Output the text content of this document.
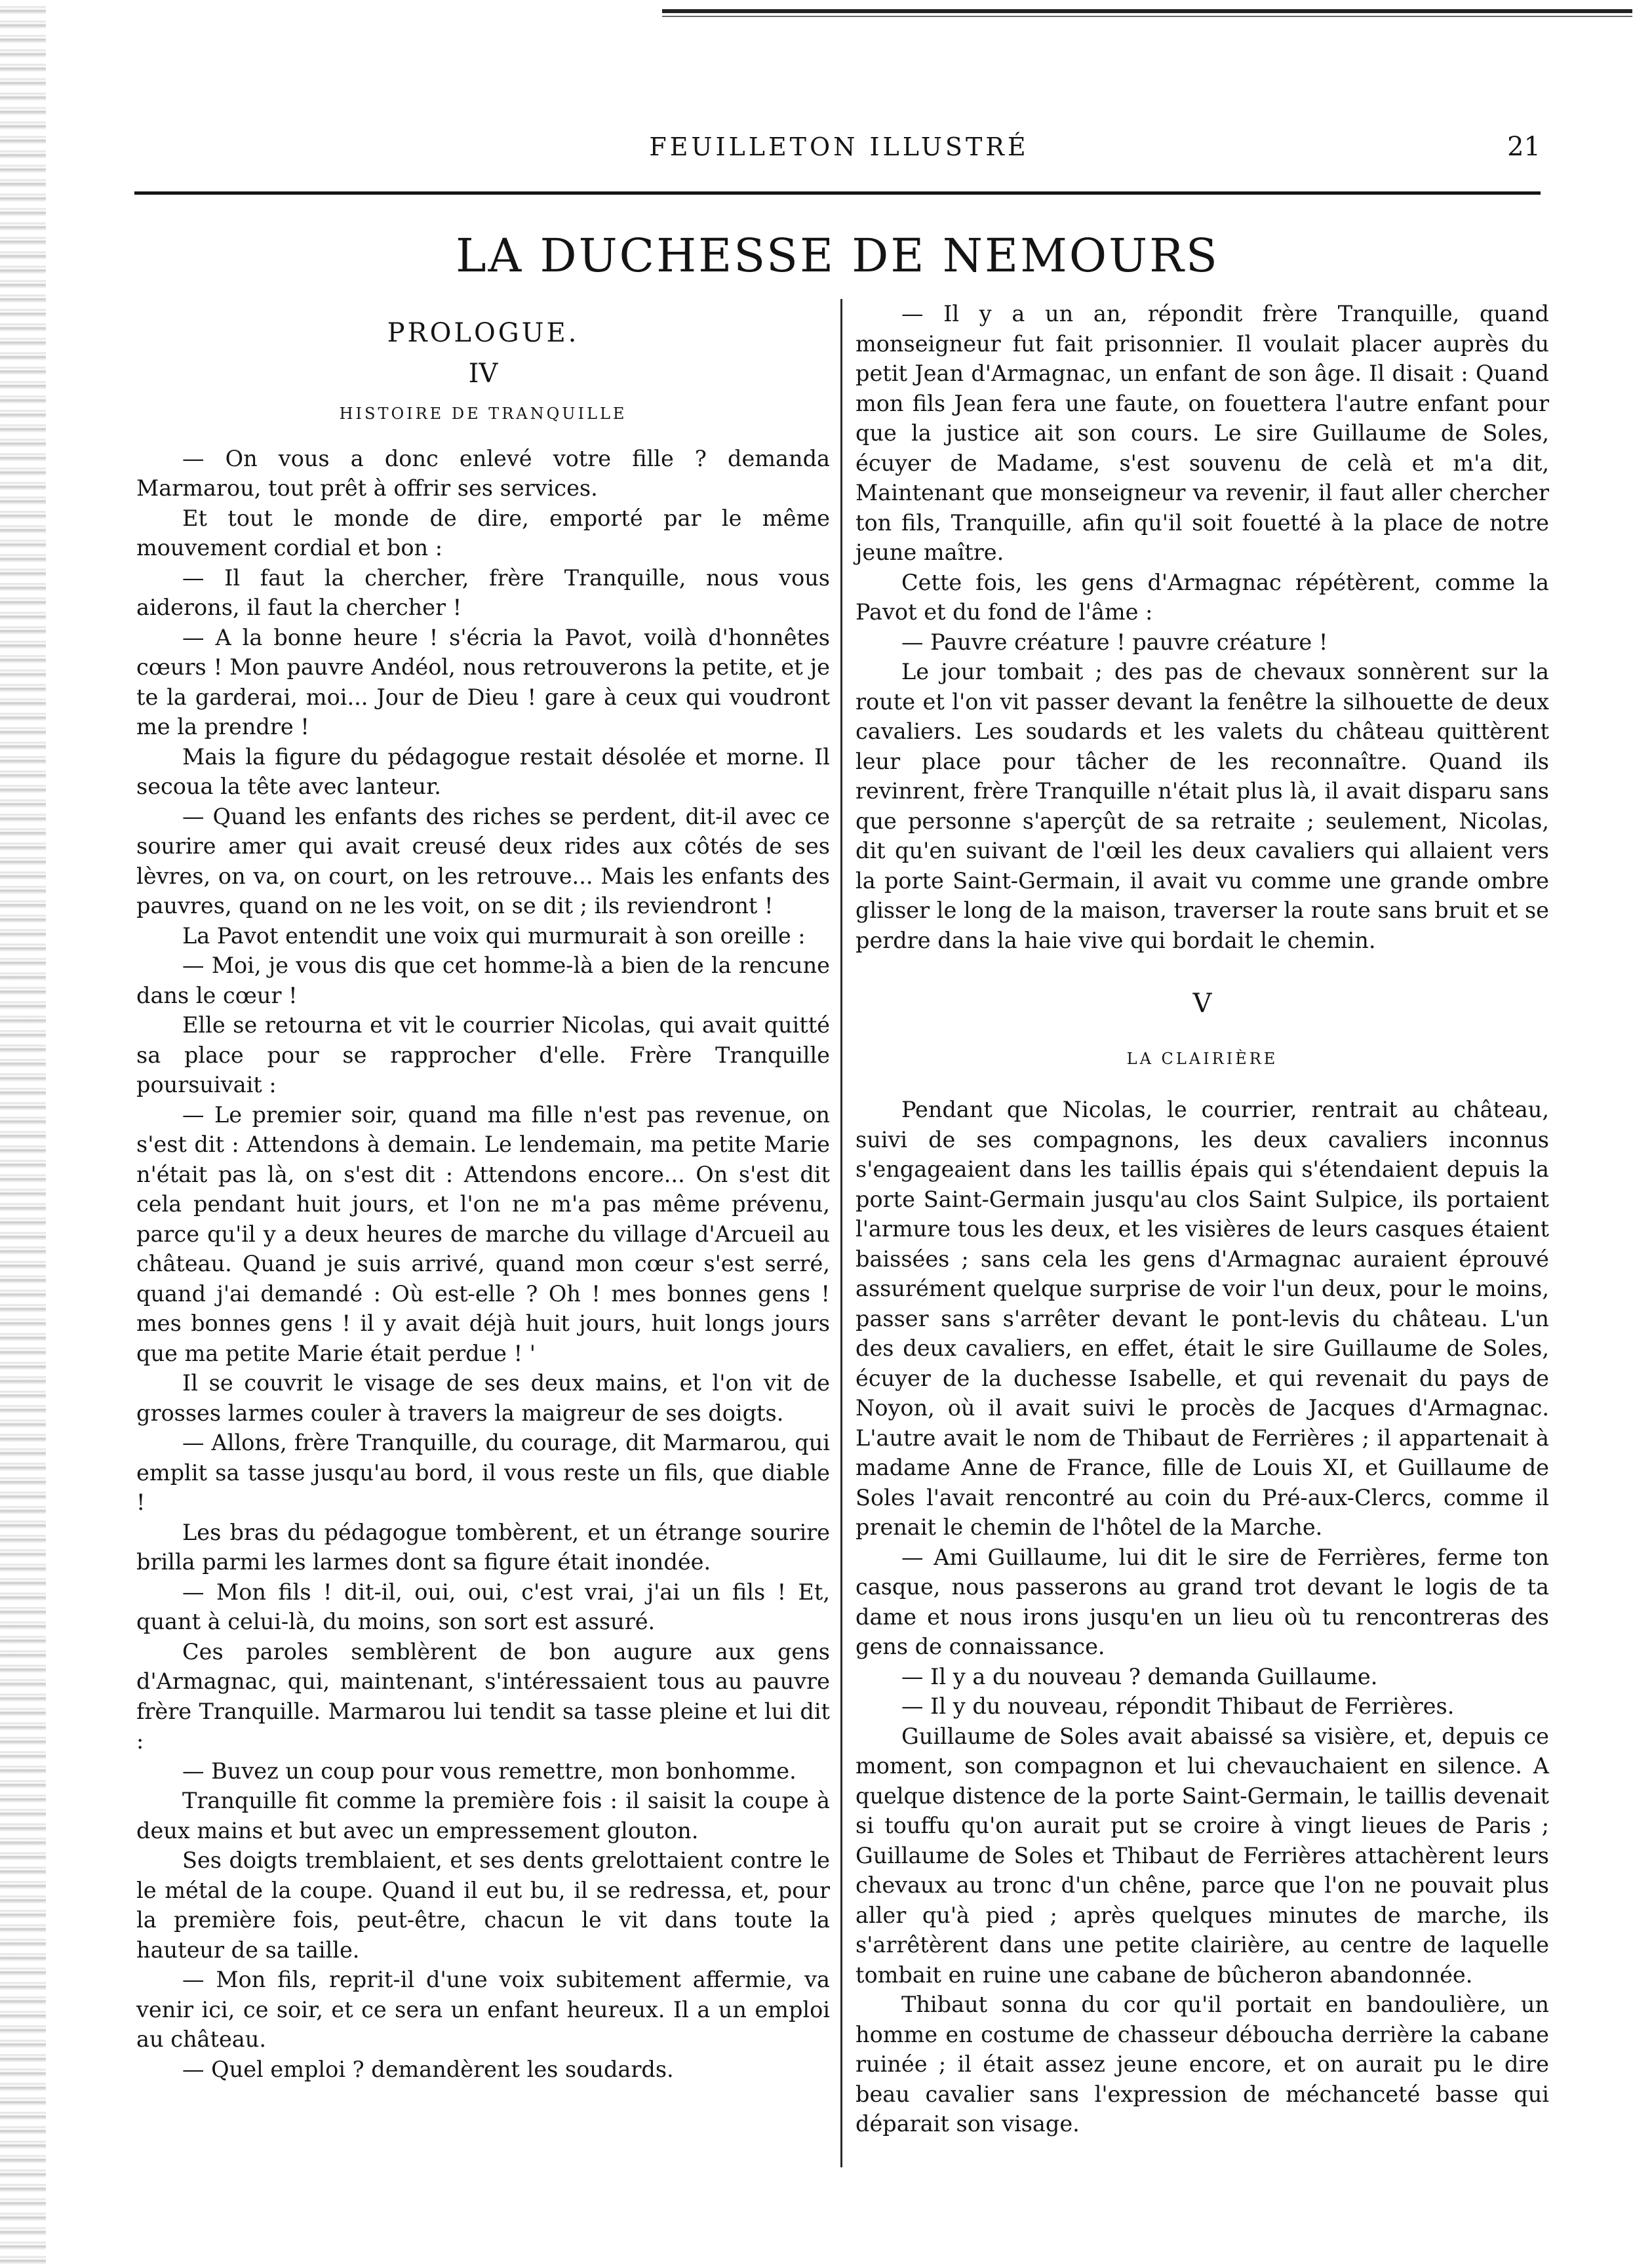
FEUILLETON ILLUSTRÉ	21
LA DUCHESSE DE NEMOURS
PROLOGUE.
IV
HISTOIRE DE TRANQUILLE

— On vous a donc enlevé votre fille ? demanda Marmarou, tout prêt à offrir ses services.

Et tout le monde de dire, emporté par le même mouvement cordial et bon :

— Il faut la chercher, frère Tranquille, nous vous aiderons, il faut la chercher !

— A la bonne heure ! s'écria la Pavot, voilà d'honnêtes cœurs ! Mon pauvre Andéol, nous retrouverons la petite, et je te la garderai, moi... Jour de Dieu ! gare à ceux qui voudront me la prendre !

Mais la figure du pédagogue restait désolée et morne. Il secoua la tête avec lanteur.

— Quand les enfants des riches se perdent, dit-il avec ce sourire amer qui avait creusé deux rides aux côtés de ses lèvres, on va, on court, on les retrouve... Mais les enfants des pauvres, quand on ne les voit, on se dit ; ils reviendront !

La Pavot entendit une voix qui murmurait à son oreille :

— Moi, je vous dis que cet homme-là a bien de la rencune dans le cœur !

Elle se retourna et vit le courrier Nicolas, qui avait quitté sa place pour se rapprocher d'elle. Frère Tranquille poursuivait :

— Le premier soir, quand ma fille n'est pas revenue, on s'est dit : Attendons à demain. Le lendemain, ma petite Marie n'était pas là, on s'est dit : Attendons encore... On s'est dit cela pendant huit jours, et l'on ne m'a pas même prévenu, parce qu'il y a deux heures de marche du village d'Arcueil au château. Quand je suis arrivé, quand mon cœur s'est serré, quand j'ai demandé : Où est-elle ? Oh ! mes bonnes gens ! mes bonnes gens ! il y avait déjà huit jours, huit longs jours que ma petite Marie était perdue ! '

Il se couvrit le visage de ses deux mains, et l'on vit de grosses larmes couler à travers la maigreur de ses doigts.

— Allons, frère Tranquille, du courage, dit Marmarou, qui emplit sa tasse jusqu'au bord, il vous reste un fils, que diable !

Les bras du pédagogue tombèrent, et un étrange sourire brilla parmi les larmes dont sa figure était inondée.

— Mon fils ! dit-il, oui, oui, c'est vrai, j'ai un fils ! Et, quant à celui-là, du moins, son sort est assuré.

Ces paroles semblèrent de bon augure aux gens d'Armagnac, qui, maintenant, s'intéressaient tous au pauvre frère Tranquille. Marmarou lui tendit sa tasse pleine et lui dit :

— Buvez un coup pour vous remettre, mon bonhomme.

Tranquille fit comme la première fois : il saisit la coupe à deux mains et but avec un empressement glouton.

Ses doigts tremblaient, et ses dents grelottaient contre le le métal de la coupe. Quand il eut bu, il se redressa, et, pour la première fois, peut-être, chacun le vit dans toute la hauteur de sa taille.

— Mon fils, reprit-il d'une voix subitement affermie, va venir ici, ce soir, et ce sera un enfant heureux. Il a un emploi au château.

— Quel emploi ? demandèrent les soudards.

— Il y a un an, répondit frère Tranquille, quand monseigneur fut fait prisonnier. Il voulait placer auprès du petit Jean d'Armagnac, un enfant de son âge. Il disait : Quand mon fils Jean fera une faute, on fouettera l'autre enfant pour que la justice ait son cours. Le sire Guillaume de Soles, écuyer de Madame, s'est souvenu de celà et m'a dit, Maintenant que monseigneur va revenir, il faut aller chercher ton fils, Tranquille, afin qu'il soit fouetté à la place de notre jeune maître.

Cette fois, les gens d'Armagnac répétèrent, comme la Pavot et du fond de l'âme :

— Pauvre créature ! pauvre créature !

Le jour tombait ; des pas de chevaux sonnèrent sur la route et l'on vit passer devant la fenêtre la silhouette de deux cavaliers. Les soudards et les valets du château quittèrent leur place pour tâcher de les reconnaître. Quand ils revinrent, frère Tranquille n'était plus là, il avait disparu sans que personne s'aperçût de sa retraite ; seulement, Nicolas, dit qu'en suivant de l'œil les deux cavaliers qui allaient vers la porte Saint-Germain, il avait vu comme une grande ombre glisser le long de la maison, traverser la route sans bruit et se perdre dans la haie vive qui bordait le chemin.

V
LA CLAIRIÈRE

Pendant que Nicolas, le courrier, rentrait au château, suivi de ses compagnons, les deux cavaliers inconnus s'engageaient dans les taillis épais qui s'étendaient depuis la porte Saint-Germain jusqu'au clos Saint Sulpice, ils portaient l'armure tous les deux, et les visières de leurs casques étaient baissées ; sans cela les gens d'Armagnac auraient éprouvé assurément quelque surprise de voir l'un deux, pour le moins, passer sans s'arrêter devant le pont-levis du château. L'un des deux cavaliers, en effet, était le sire Guillaume de Soles, écuyer de la duchesse Isabelle, et qui revenait du pays de Noyon, où il avait suivi le procès de Jacques d'Armagnac. L'autre avait le nom de Thibaut de Ferrières ; il appartenait à madame Anne de France, fille de Louis XI, et Guillaume de Soles l'avait rencontré au coin du Pré-aux-Clercs, comme il prenait le chemin de l'hôtel de la Marche.

— Ami Guillaume, lui dit le sire de Ferrières, ferme ton casque, nous passerons au grand trot devant le logis de ta dame et nous irons jusqu'en un lieu où tu rencontreras des gens de connaissance.

— Il y a du nouveau ? demanda Guillaume.

— Il y du nouveau, répondit Thibaut de Ferrières.

Guillaume de Soles avait abaissé sa visière, et, depuis ce moment, son compagnon et lui chevauchaient en silence. A quelque distence de la porte Saint-Germain, le taillis devenait si touffu qu'on aurait put se croire à vingt lieues de Paris ; Guillaume de Soles et Thibaut de Ferrières attachèrent leurs chevaux au tronc d'un chêne, parce que l'on ne pouvait plus aller qu'à pied ; après quelques minutes de marche, ils s'arrêtèrent dans une petite clairière, au centre de laquelle tombait en ruine une cabane de bûcheron abandonnée.

Thibaut sonna du cor qu'il portait en bandoulière, un homme en costume de chasseur déboucha derrière la cabane ruinée ; il était assez jeune encore, et on aurait pu le dire beau cavalier sans l'expression de méchanceté basse qui déparait son visage.
